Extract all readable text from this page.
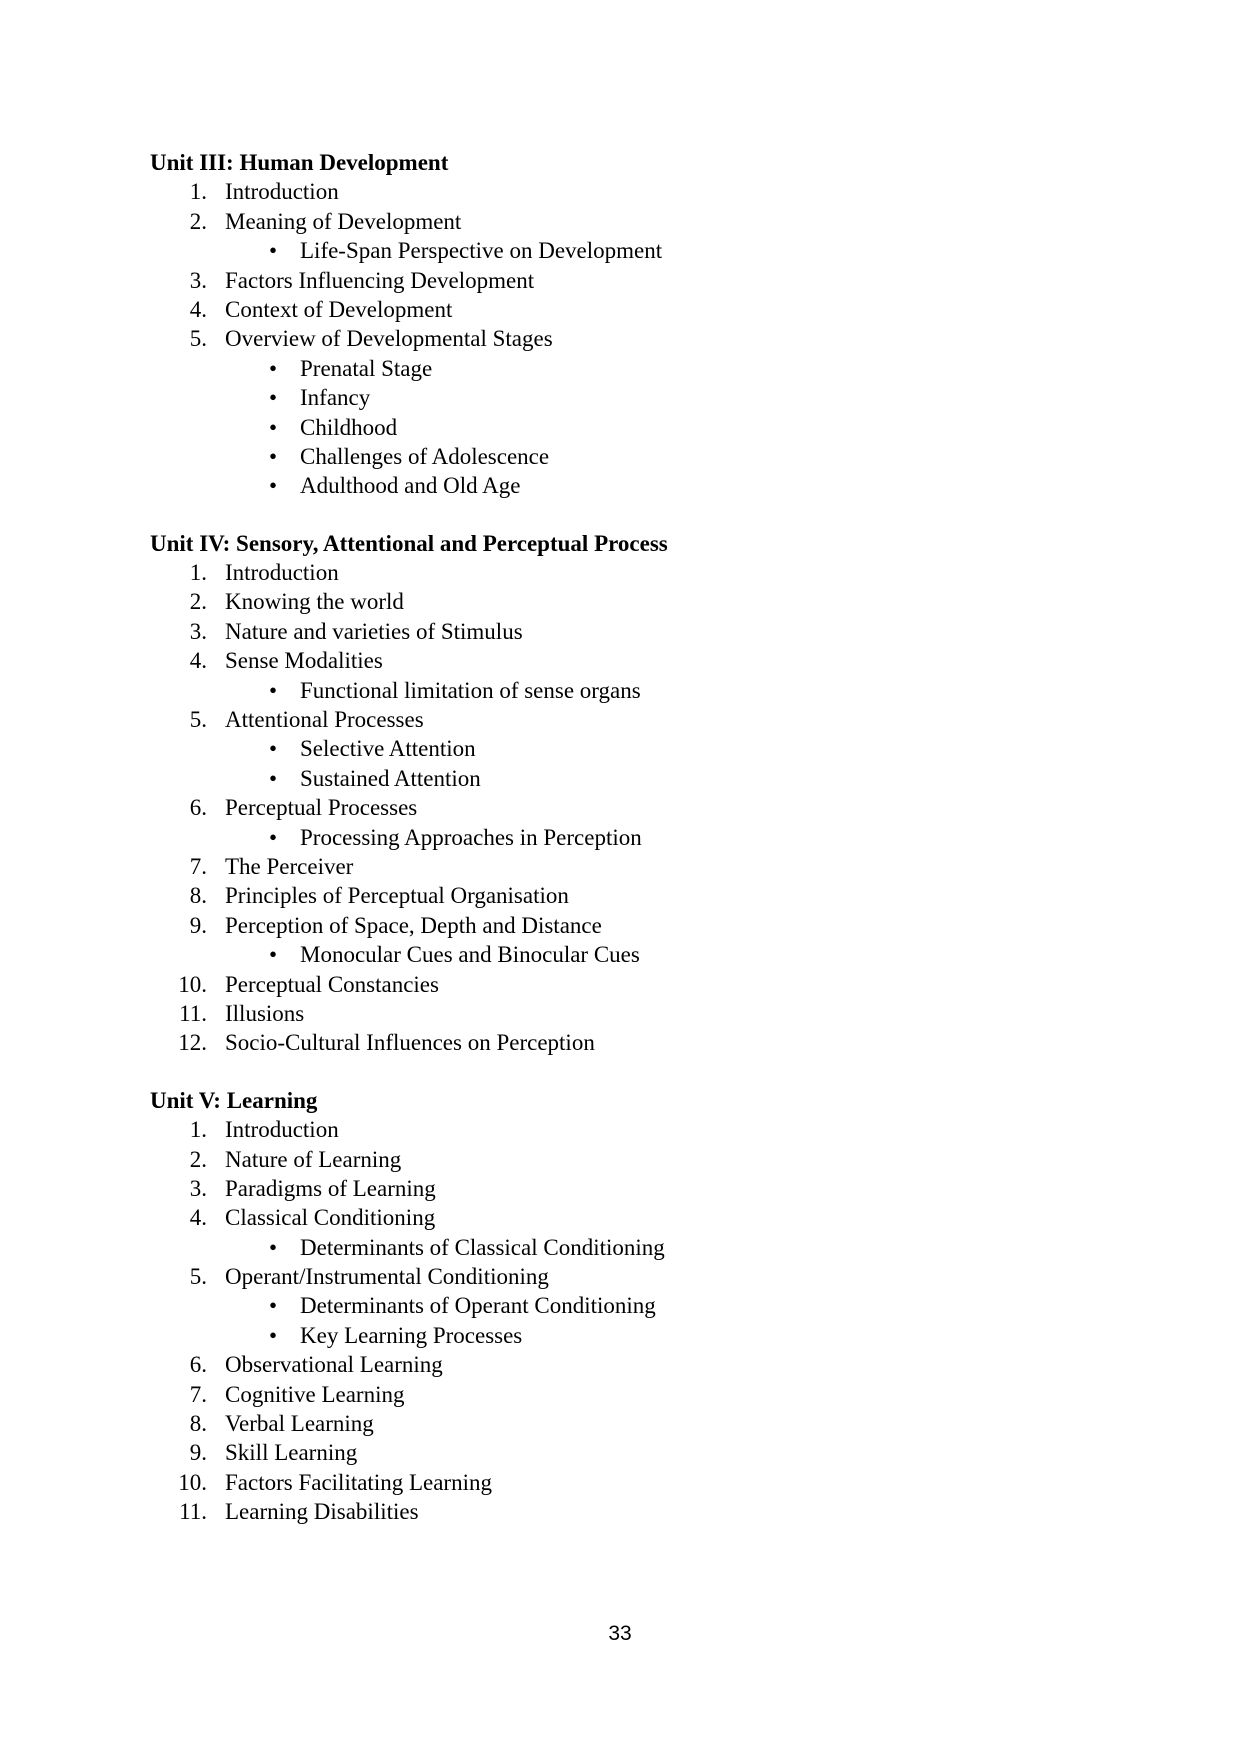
Unit III: Human Development
1. Introduction
2. Meaning of Development
• Life-Span Perspective on Development
3. Factors Influencing Development
4. Context of Development
5. Overview of Developmental Stages
• Prenatal Stage
• Infancy
• Childhood
• Challenges of Adolescence
• Adulthood and Old Age
Unit IV: Sensory, Attentional and Perceptual Process
1. Introduction
2. Knowing the world
3. Nature and varieties of Stimulus
4. Sense Modalities
• Functional limitation of sense organs
5. Attentional Processes
• Selective Attention
• Sustained Attention
6. Perceptual Processes
• Processing Approaches in Perception
7. The Perceiver
8. Principles of Perceptual Organisation
9. Perception of Space, Depth and Distance
• Monocular Cues and Binocular Cues
10. Perceptual Constancies
11. Illusions
12. Socio-Cultural Influences on Perception
Unit V: Learning
1. Introduction
2. Nature of Learning
3. Paradigms of Learning
4. Classical Conditioning
• Determinants of Classical Conditioning
5. Operant/Instrumental Conditioning
• Determinants of Operant Conditioning
• Key Learning Processes
6. Observational Learning
7. Cognitive Learning
8. Verbal Learning
9. Skill Learning
10. Factors Facilitating Learning
11. Learning Disabilities
33
